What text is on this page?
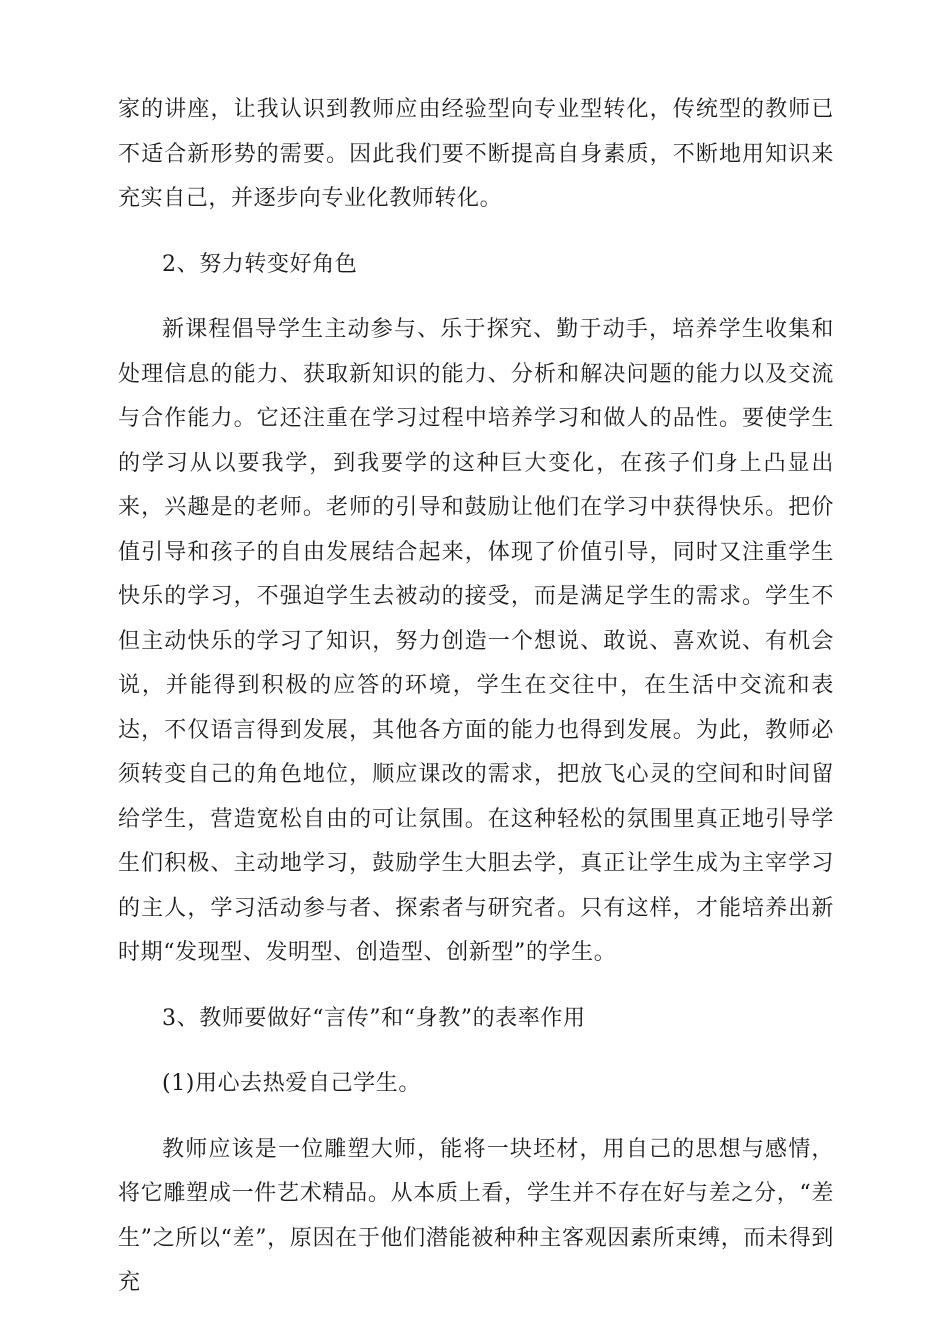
家的讲座，让我认识到教师应由经验型向专业型转化，传统型的教师已不适合新形势的需要。因此我们要不断提高自身素质，不断地用知识来充实自己，并逐步向专业化教师转化。

2、努力转变好角色

新课程倡导学生主动参与、乐于探究、勤于动手，培养学生收集和处理信息的能力、获取新知识的能力、分析和解决问题的能力以及交流与合作能力。它还注重在学习过程中培养学习和做人的品性。要使学生的学习从以要我学，到我要学的这种巨大变化，在孩子们身上凸显出来，兴趣是的老师。老师的引导和鼓励让他们在学习中获得快乐。把价值引导和孩子的自由发展结合起来，体现了价值引导，同时又注重学生快乐的学习，不强迫学生去被动的接受，而是满足学生的需求。学生不但主动快乐的学习了知识，努力创造一个想说、敢说、喜欢说、有机会说，并能得到积极的应答的环境，学生在交往中，在生活中交流和表达，不仅语言得到发展，其他各方面的能力也得到发展。为此，教师必须转变自己的角色地位，顺应课改的需求，把放飞心灵的空间和时间留给学生，营造宽松自由的可让氛围。在这种轻松的氛围里真正地引导学生们积极、主动地学习，鼓励学生大胆去学，真正让学生成为主宰学习的主人，学习活动参与者、探索者与研究者。只有这样，才能培养出新时期“发现型、发明型、创造型、创新型”的学生。

3、教师要做好“言传”和“身教”的表率作用

(1)用心去热爱自己学生。

教师应该是一位雕塑大师，能将一块坯材，用自己的思想与感情，将它雕塑成一件艺术精品。从本质上看，学生并不存在好与差之分，“差生”之所以“差”，原因在于他们潜能被种种主客观因素所束缚，而未得到充
